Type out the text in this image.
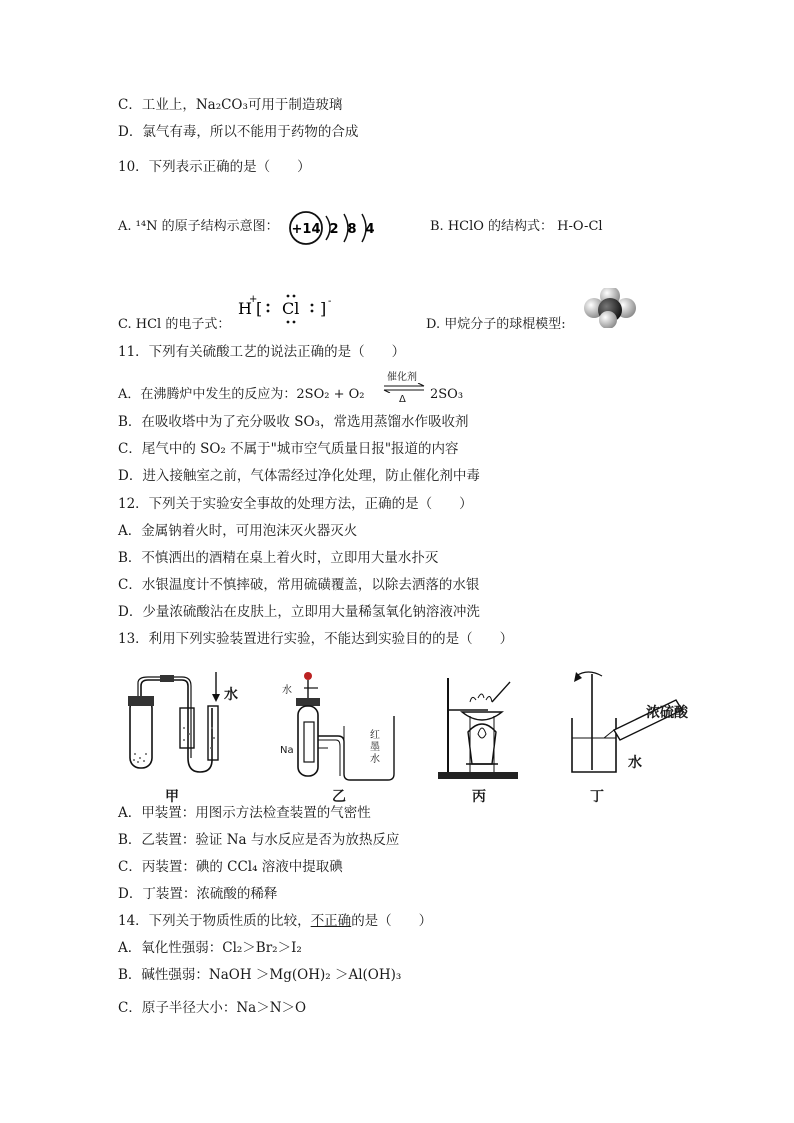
C．工业上，Na₂CO₃可用于制造玻璃
D．氯气有毒，所以不能用于药物的合成
10．下列表示正确的是（　　）
A. ¹⁴N 的原子结构示意图： +14 2 8 4	B. HClO 的结构式： H-O-Cl
C. HCl 的电子式：
H
+
[ Cl ] -
D. 甲烷分子的球棍模型:
11．下列有关硫酸工艺的说法正确的是（　　）
A．在沸腾炉中发生的反应为：2SO₂ + O₂
催化剂
Δ 2SO₃
B．在吸收塔中为了充分吸收 SO₃，常选用蒸馏水作吸收剂
C．尾气中的 SO₂ 不属于"城市空气质量日报"报道的内容
D．进入接触室之前，气体需经过净化处理，防止催化剂中毒
12．下列关于实验安全事故的处理方法，正确的是（　　）
A．金属钠着火时，可用泡沫灭火器灭火
B．不慎洒出的酒精在桌上着火时，立即用大量水扑灭
C．水银温度计不慎摔破，常用硫磺覆盖，以除去洒落的水银
D．少量浓硫酸沾在皮肤上，立即用大量稀氢氧化钠溶液冲洗
13．利用下列实验装置进行实验，不能达到实验目的的是（　　）
水
甲
水
Na
红
墨
水
乙	丙
浓硫酸
水
丁
A．甲装置：用图示方法检查装置的气密性
B．乙装置：验证 Na 与水反应是否为放热反应
C．丙装置：碘的 CCl₄ 溶液中提取碘
D．丁装置：浓硫酸的稀释
14．下列关于物质性质的比较，不正确的是（　　）
A．氧化性强弱：Cl₂＞Br₂＞I₂
B．碱性强弱：NaOH ＞Mg(OH)₂ ＞Al(OH)₃
C．原子半径大小：Na＞N＞O
